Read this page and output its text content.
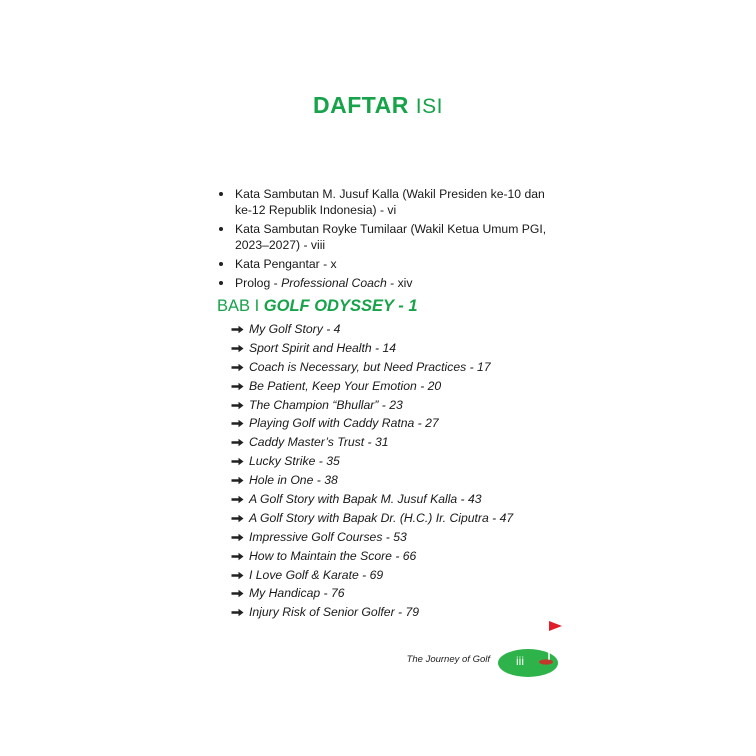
DAFTAR ISI
Kata Sambutan M. Jusuf Kalla (Wakil Presiden ke-10 dan ke-12 Republik Indonesia) - vi
Kata Sambutan Royke Tumilaar (Wakil Ketua Umum PGI, 2023–2027) - viii
Kata Pengantar - x
Prolog - Professional Coach - xiv
BAB I GOLF ODYSSEY - 1
My Golf Story - 4
Sport Spirit and Health - 14
Coach is Necessary, but Need Practices - 17
Be Patient, Keep Your Emotion - 20
The Champion “Bhullar” - 23
Playing Golf with Caddy Ratna - 27
Caddy Master’s Trust - 31
Lucky Strike - 35
Hole in One - 38
A Golf Story with Bapak M. Jusuf Kalla - 43
A Golf Story with Bapak Dr. (H.C.) Ir. Ciputra - 47
Impressive Golf Courses - 53
How to Maintain the Score - 66
I Love Golf & Karate - 69
My Handicap - 76
Injury Risk of Senior Golfer - 79
The Journey of Golf	iii
